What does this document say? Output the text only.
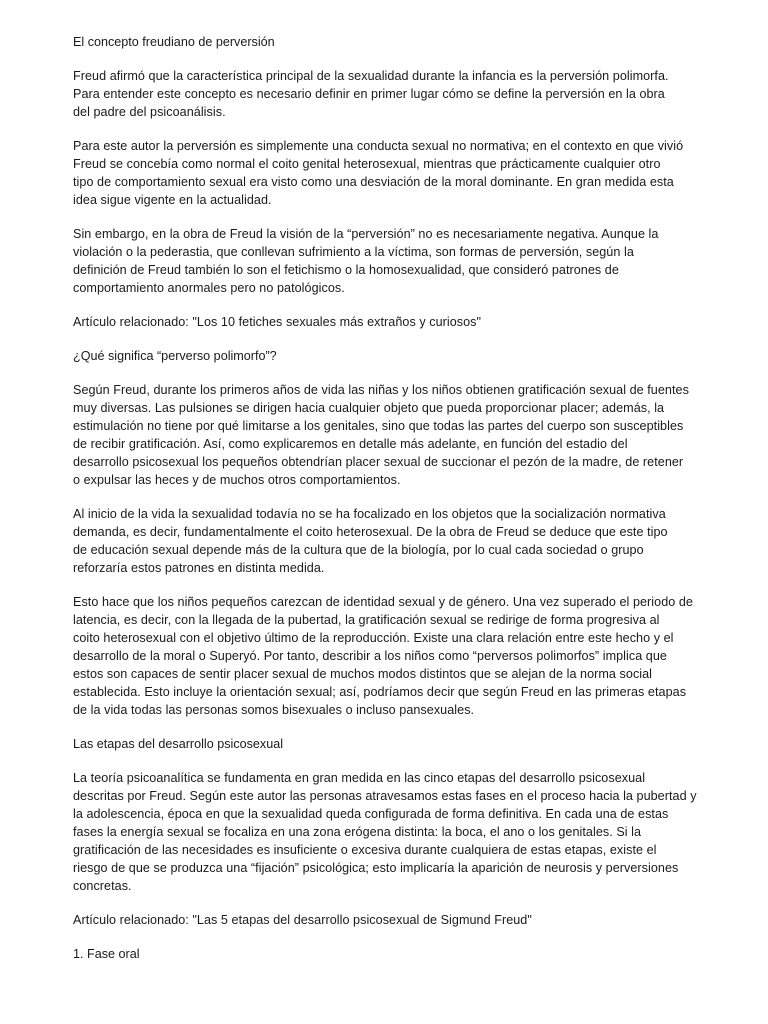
El concepto freudiano de perversión
Freud afirmó que la característica principal de la sexualidad durante la infancia es la perversión polimorfa.
Para entender este concepto es necesario definir en primer lugar cómo se define la perversión en la obra
del padre del psicoanálisis.
Para este autor la perversión es simplemente una conducta sexual no normativa; en el contexto en que vivió
Freud se concebía como normal el coito genital heterosexual, mientras que prácticamente cualquier otro
tipo de comportamiento sexual era visto como una desviación de la moral dominante. En gran medida esta
idea sigue vigente en la actualidad.
Sin embargo, en la obra de Freud la visión de la “perversión” no es necesariamente negativa. Aunque la
violación o la pederastia, que conllevan sufrimiento a la víctima, son formas de perversión, según la
definición de Freud también lo son el fetichismo o la homosexualidad, que consideró patrones de
comportamiento anormales pero no patológicos.
Artículo relacionado: "Los 10 fetiches sexuales más extraños y curiosos"
¿Qué significa “perverso polimorfo”?
Según Freud, durante los primeros años de vida las niñas y los niños obtienen gratificación sexual de fuentes
muy diversas. Las pulsiones se dirigen hacia cualquier objeto que pueda proporcionar placer; además, la
estimulación no tiene por qué limitarse a los genitales, sino que todas las partes del cuerpo son susceptibles
de recibir gratificación. Así, como explicaremos en detalle más adelante, en función del estadio del
desarrollo psicosexual los pequeños obtendrían placer sexual de succionar el pezón de la madre, de retener
o expulsar las heces y de muchos otros comportamientos.
Al inicio de la vida la sexualidad todavía no se ha focalizado en los objetos que la socialización normativa
demanda, es decir, fundamentalmente el coito heterosexual. De la obra de Freud se deduce que este tipo
de educación sexual depende más de la cultura que de la biología, por lo cual cada sociedad o grupo
reforzaría estos patrones en distinta medida.
Esto hace que los niños pequeños carezcan de identidad sexual y de género. Una vez superado el periodo de
latencia, es decir, con la llegada de la pubertad, la gratificación sexual se redirige de forma progresiva al
coito heterosexual con el objetivo último de la reproducción. Existe una clara relación entre este hecho y el
desarrollo de la moral o Superyó. Por tanto, describir a los niños como “perversos polimorfos” implica que
estos son capaces de sentir placer sexual de muchos modos distintos que se alejan de la norma social
establecida. Esto incluye la orientación sexual; así, podríamos decir que según Freud en las primeras etapas
de la vida todas las personas somos bisexuales o incluso pansexuales.
Las etapas del desarrollo psicosexual
La teoría psicoanalítica se fundamenta en gran medida en las cinco etapas del desarrollo psicosexual
descritas por Freud. Según este autor las personas atravesamos estas fases en el proceso hacia la pubertad y
la adolescencia, época en que la sexualidad queda configurada de forma definitiva. En cada una de estas
fases la energía sexual se focaliza en una zona erógena distinta: la boca, el ano o los genitales. Si la
gratificación de las necesidades es insuficiente o excesiva durante cualquiera de estas etapas, existe el
riesgo de que se produzca una “fijación” psicológica; esto implicaría la aparición de neurosis y perversiones
concretas.
Artículo relacionado: "Las 5 etapas del desarrollo psicosexual de Sigmund Freud"
1. Fase oral
